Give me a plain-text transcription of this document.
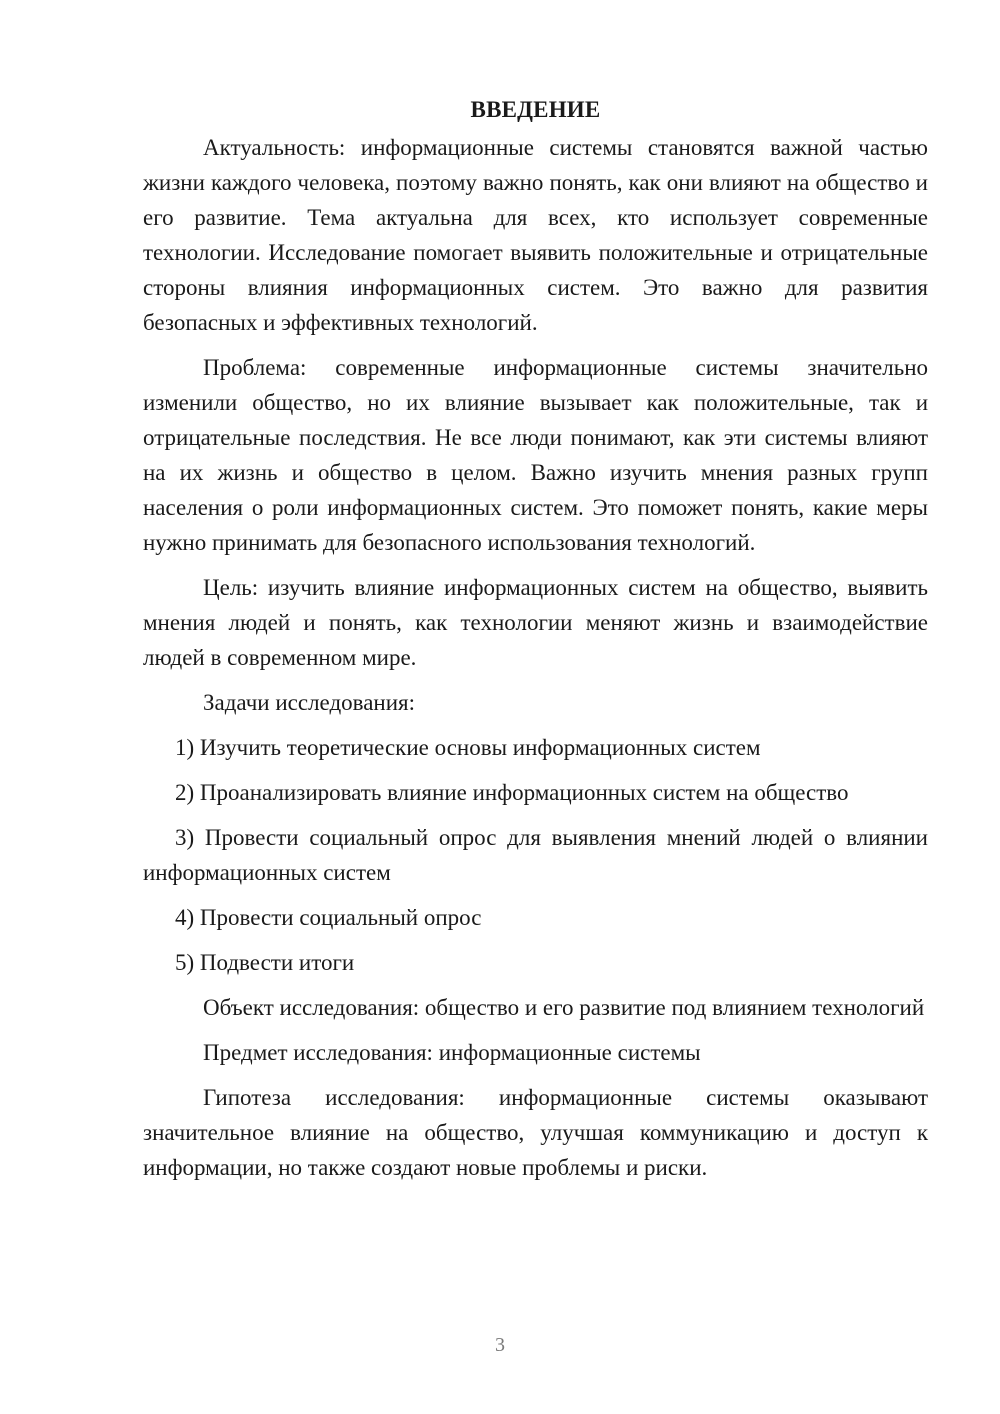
ВВЕДЕНИЕ

Актуальность: информационные системы становятся важной частью жизни каждого человека, поэтому важно понять, как они влияют на общество и его развитие. Тема актуальна для всех, кто использует современные технологии. Исследование помогает выявить положительные и отрицательные стороны влияния информационных систем. Это важно для развития безопасных и эффективных технологий.

Проблема: современные информационные системы значительно изменили общество, но их влияние вызывает как положительные, так и отрицательные последствия. Не все люди понимают, как эти системы влияют на их жизнь и общество в целом. Важно изучить мнения разных групп населения о роли информационных систем. Это поможет понять, какие меры нужно принимать для безопасного использования технологий.

Цель: изучить влияние информационных систем на общество, выявить мнения людей и понять, как технологии меняют жизнь и взаимодействие людей в современном мире.

Задачи исследования:

1) Изучить теоретические основы информационных систем

2) Проанализировать влияние информационных систем на общество

3) Провести социальный опрос для выявления мнений людей о влиянии информационных систем

4) Провести социальный опрос

5) Подвести итоги

Объект исследования: общество и его развитие под влиянием технологий

Предмет исследования: информационные системы

Гипотеза исследования: информационные системы оказывают значительное влияние на общество, улучшая коммуникацию и доступ к информации, но также создают новые проблемы и риски.

3
